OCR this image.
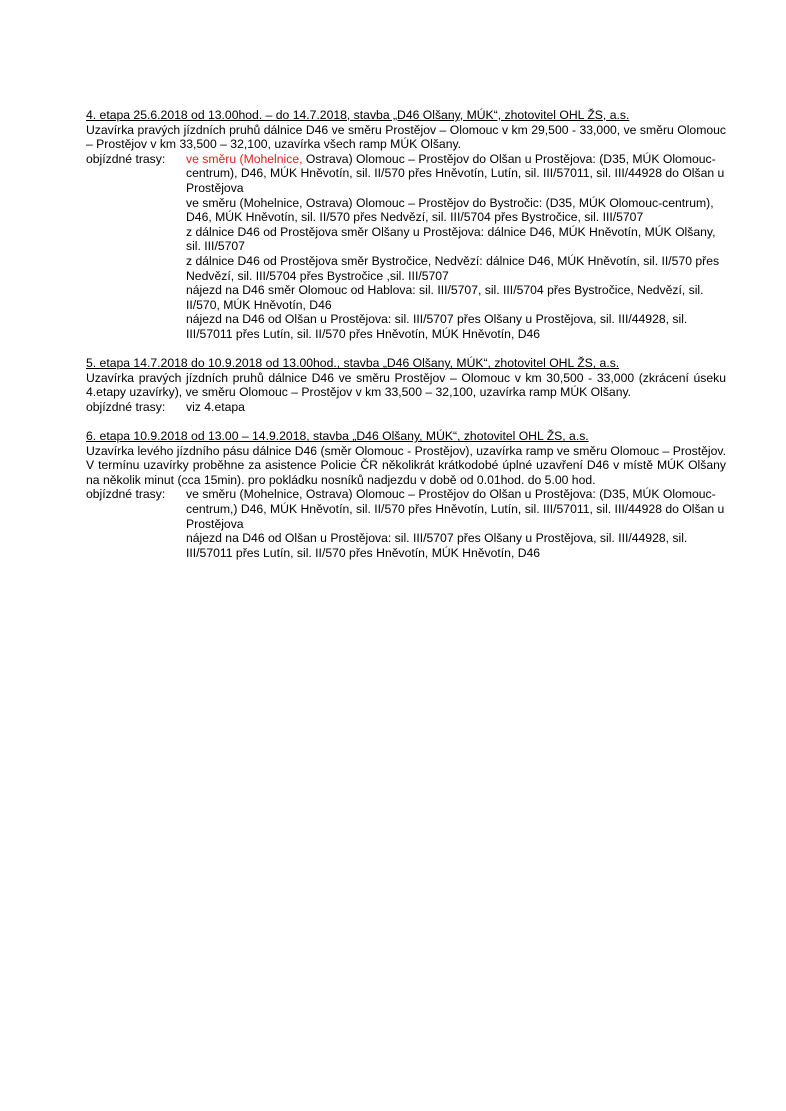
4. etapa 25.6.2018 od 13.00hod. – do 14.7.2018, stavba „D46 Olšany, MÚK“, zhotovitel OHL ŽS, a.s.
Uzavírka pravých jízdních pruhů dálnice D46 ve směru Prostějov – Olomouc v km 29,500 - 33,000, ve směru Olomouc – Prostějov v km 33,500 – 32,100, uzavírka všech ramp MÚK Olšany.
objízdné trasy:	ve směru (Mohelnice, Ostrava) Olomouc – Prostějov do Olšan u Prostějova: (D35, MÚK Olomouc-centrum), D46, MÚK Hněvotín, sil. II/570 přes Hněvotín, Lutín, sil. III/57011, sil. III/44928 do Olšan u Prostějova
ve směru (Mohelnice, Ostrava) Olomouc – Prostějov do Bystročic: (D35, MÚK Olomouc-centrum), D46, MÚK Hněvotín, sil. II/570 přes Nedvězí, sil. III/5704 přes Bystročice, sil. III/5707
z dálnice D46 od Prostějova směr Olšany u Prostějova: dálnice D46, MÚK Hněvotín, MÚK Olšany, sil. III/5707
z dálnice D46 od Prostějova směr Bystročice, Nedvězí: dálnice D46, MÚK Hněvotín, sil. II/570 přes Nedvězí, sil. III/5704 přes Bystročice ,sil. III/5707
nájezd na D46 směr Olomouc od Hablova: sil. III/5707, sil. III/5704 přes Bystročice, Nedvězí, sil. II/570, MÚK Hněvotín, D46
nájezd na D46 od Olšan u Prostějova: sil. III/5707 přes Olšany u Prostějova, sil. III/44928, sil. III/57011 přes Lutín, sil. II/570 přes Hněvotín, MÚK Hněvotín, D46
5. etapa 14.7.2018 do 10.9.2018 od 13.00hod., stavba „D46 Olšany, MÚK“, zhotovitel OHL ŽS, a.s.
Uzavírka pravých jízdních pruhů dálnice D46 ve směru Prostějov – Olomouc v km 30,500 - 33,000 (zkrácení úseku 4.etapy uzavírky), ve směru Olomouc – Prostějov v km 33,500 – 32,100, uzavírka ramp MÚK Olšany.
objízdné trasy:	viz 4.etapa
6. etapa 10.9.2018 od 13.00 – 14.9.2018, stavba „D46 Olšany, MÚK“, zhotovitel OHL ŽS, a.s.
Uzavírka levého jízdního pásu dálnice D46 (směr Olomouc - Prostějov), uzavírka ramp ve směru Olomouc – Prostějov. V termínu uzavírky proběhne za asistence Policie ČR několikrát krátkodobé úplné uzavření D46 v místě MÚK Olšany na několik minut (cca 15min). pro pokládku nosníků nadjezdu v době od 0.01hod. do 5.00 hod.
objízdné trasy:	ve směru (Mohelnice, Ostrava) Olomouc – Prostějov do Olšan u Prostějova: (D35, MÚK Olomouc-centrum,) D46, MÚK Hněvotín, sil. II/570 přes Hněvotín, Lutín, sil. III/57011, sil. III/44928 do Olšan u Prostějova
nájezd na D46 od Olšan u Prostějova: sil. III/5707 přes Olšany u Prostějova, sil. III/44928, sil. III/57011 přes Lutín, sil. II/570 přes Hněvotín, MÚK Hněvotín, D46
